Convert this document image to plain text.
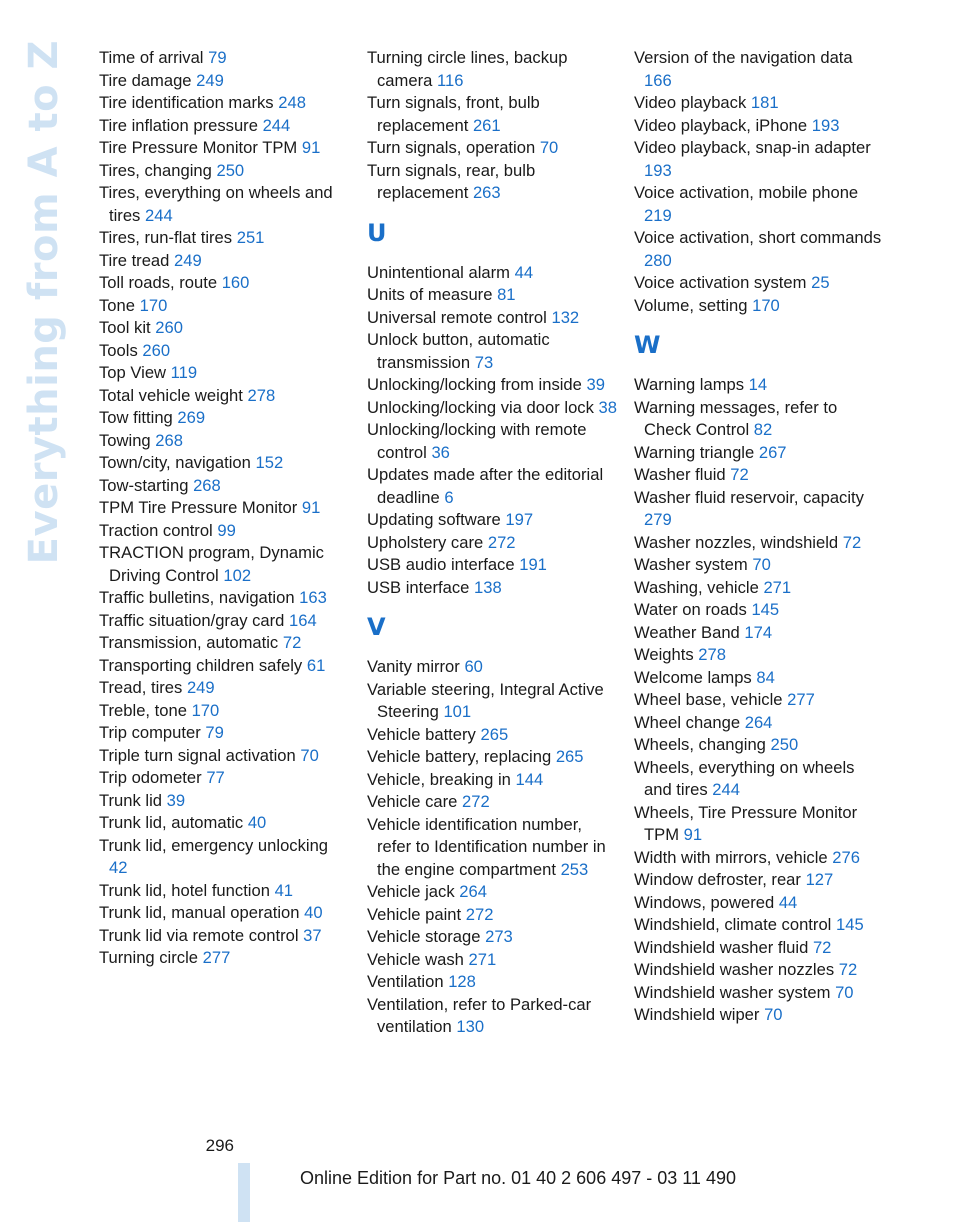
Everything from A to Z Time of arrival 79
Tire damage 249
Tire identification marks 248
Tire inflation pressure 244
Tire Pressure Monitor TPM 91
Tires, changing 250
Tires, everything on wheels and tires 244
Tires, run-flat tires 251
Tire tread 249
Toll roads, route 160
Tone 170
Tool kit 260
Tools 260
Top View 119
Total vehicle weight 278
Tow fitting 269
Towing 268
Town/city, navigation 152
Tow-starting 268
TPM Tire Pressure Monitor 91
Traction control 99
TRACTION program, Dynamic Driving Control 102
Traffic bulletins, navigation 163
Traffic situation/gray card 164
Transmission, automatic 72
Transporting children safely 61
Tread, tires 249
Treble, tone 170
Trip computer 79
Triple turn signal activation 70
Trip odometer 77
Trunk lid 39
Trunk lid, automatic 40
Trunk lid, emergency unlocking 42
Trunk lid, hotel function 41
Trunk lid, manual operation 40
Trunk lid via remote control 37
Turning circle 277
Turning circle lines, backup camera 116
Turn signals, front, bulb replacement 261
Turn signals, operation 70
Turn signals, rear, bulb replacement 263
U
Unintentional alarm 44
Units of measure 81
Universal remote control 132
Unlock button, automatic transmission 73
Unlocking/locking from inside 39
Unlocking/locking via door lock 38
Unlocking/locking with remote control 36
Updates made after the editorial deadline 6
Updating software 197
Upholstery care 272
USB audio interface 191
USB interface 138
V
Vanity mirror 60
Variable steering, Integral Active Steering 101
Vehicle battery 265
Vehicle battery, replacing 265
Vehicle, breaking in 144
Vehicle care 272
Vehicle identification number, refer to Identification number in the engine compartment 253
Vehicle jack 264
Vehicle paint 272
Vehicle storage 273
Vehicle wash 271
Ventilation 128
Ventilation, refer to Parked-car ventilation 130
Version of the navigation data 166
Video playback 181
Video playback, iPhone 193
Video playback, snap-in adapter 193
Voice activation, mobile phone 219
Voice activation, short commands 280
Voice activation system 25
Volume, setting 170
W
Warning lamps 14
Warning messages, refer to Check Control 82
Warning triangle 267
Washer fluid 72
Washer fluid reservoir, capacity 279
Washer nozzles, windshield 72
Washer system 70
Washing, vehicle 271
Water on roads 145
Weather Band 174
Weights 278
Welcome lamps 84
Wheel base, vehicle 277
Wheel change 264
Wheels, changing 250
Wheels, everything on wheels and tires 244
Wheels, Tire Pressure Monitor TPM 91
Width with mirrors, vehicle 276
Window defroster, rear 127
Windows, powered 44
Windshield, climate control 145
Windshield washer fluid 72
Windshield washer nozzles 72
Windshield washer system 70
Windshield wiper 70
296
Online Edition for Part no. 01 40 2 606 497 - 03 11 490
